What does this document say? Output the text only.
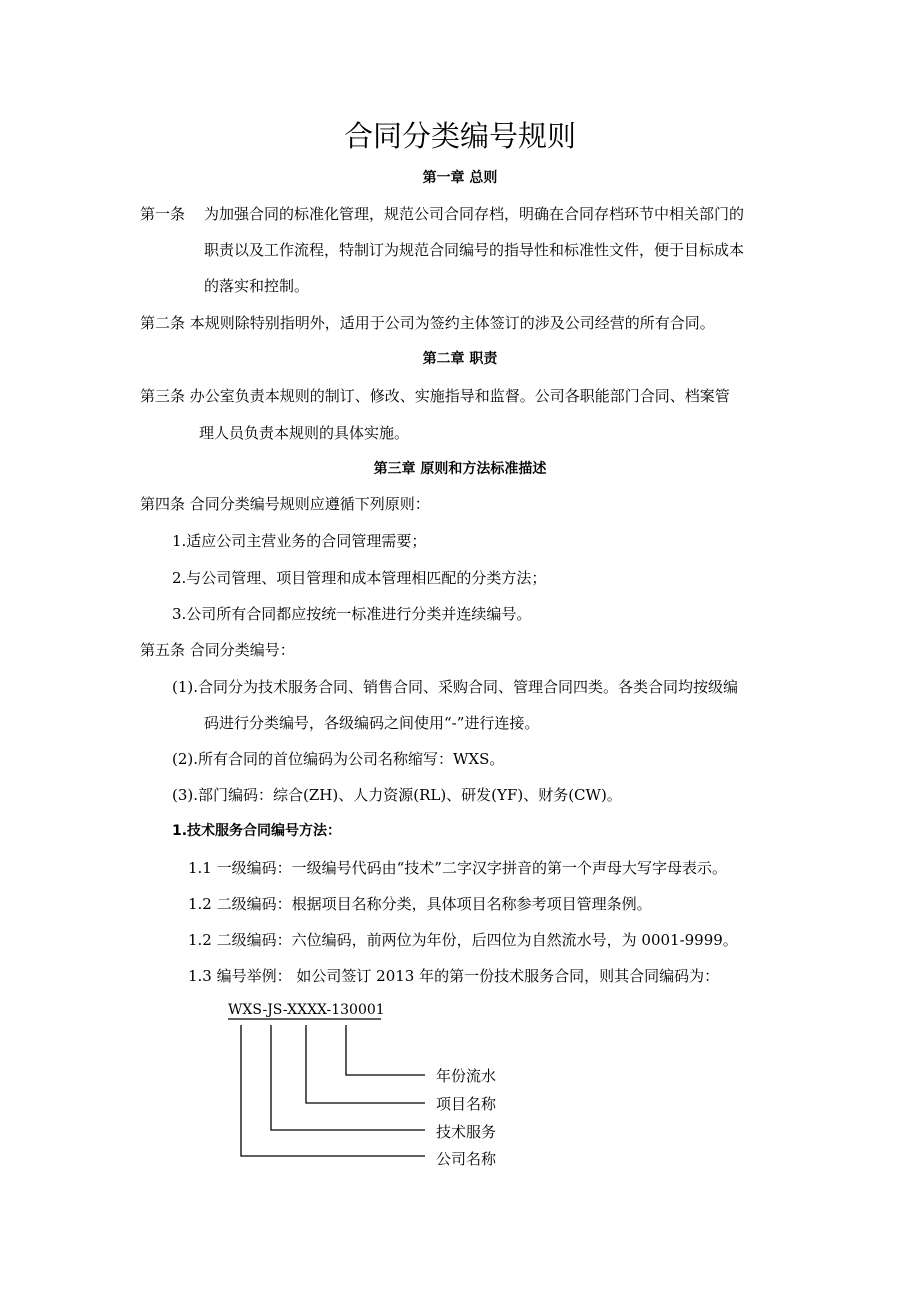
合同分类编号规则
第一章 总则
第一条 为加强合同的标准化管理，规范公司合同存档，明确在合同存档环节中相关部门的
职责以及工作流程，特制订为规范合同编号的指导性和标准性文件，便于目标成本
的落实和控制。
第二条 本规则除特别指明外，适用于公司为签约主体签订的涉及公司经营的所有合同。
第二章 职责
第三条 办公室负责本规则的制订、修改、实施指导和监督。公司各职能部门合同、档案管
理人员负责本规则的具体实施。
第三章 原则和方法标准描述
第四条 合同分类编号规则应遵循下列原则：
1.适应公司主营业务的合同管理需要；
2.与公司管理、项目管理和成本管理相匹配的分类方法；
3.公司所有合同都应按统一标准进行分类并连续编号。
第五条 合同分类编号：
(1).合同分为技术服务合同、销售合同、采购合同、管理合同四类。各类合同均按级编
码进行分类编号，各级编码之间使用“-”进行连接。
(2).所有合同的首位编码为公司名称缩写：WXS。
(3).部门编码：综合(ZH)、人力资源(RL)、研发(YF)、财务(CW)。
1.技术服务合同编号方法：
1.1 一级编码：一级编号代码由“技术”二字汉字拼音的第一个声母大写字母表示。
1.2 二级编码：根据项目名称分类，具体项目名称参考项目管理条例。
1.2 二级编码：六位编码，前两位为年份，后四位为自然流水号，为 0001-9999。
1.3 编号举例： 如公司签订 2013 年的第一份技术服务合同，则其合同编码为：
WXS-JS-XXXX-130001
年份流水
项目名称
技术服务
公司名称
